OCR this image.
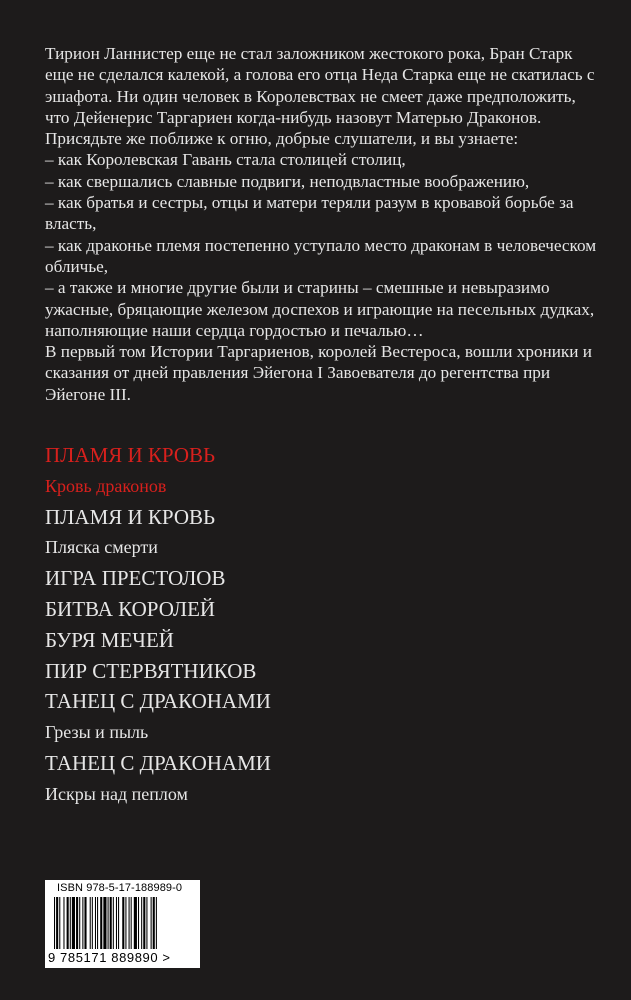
Тирион Ланнистер еще не стал заложником жестокого рока, Бран Старк еще не сделался калекой, а голова его отца Неда Старка еще не скатилась с эшафота. Ни один человек в Королевствах не смеет даже предположить, что Дейенерис Таргариен когда-нибудь назовут Матерью Драконов.

Присядьте же поближе к огню, добрые слушатели, и вы узнаете:

– как Королевская Гавань стала столицей столиц,

– как свершались славные подвиги, неподвластные воображению,

– как братья и сестры, отцы и матери теряли разум в кровавой борьбе за власть,

– как драконье племя постепенно уступало место драконам в человеческом обличье,

– а также и многие другие были и старины – смешные и невыразимо ужасные, бряцающие железом доспехов и играющие на песельных дудках, наполняющие наши сердца гордостью и печалью…

В первый том Истории Таргариенов, королей Вестероса, вошли хроники и сказания от дней правления Эйегона I Завоевателя до регентства при Эйегоне III.

ПЛАМЯ И КРОВЬ
Кровь драконов
ПЛАМЯ И КРОВЬ
Пляска смерти
ИГРА ПРЕСТОЛОВ
БИТВА КОРОЛЕЙ
БУРЯ МЕЧЕЙ
ПИР СТЕРВЯТНИКОВ
ТАНЕЦ С ДРАКОНАМИ
Грезы и пыль
ТАНЕЦ С ДРАКОНАМИ
Искры над пеплом
ISBN 978-5-17-188989-0
9 785171 889890 >
